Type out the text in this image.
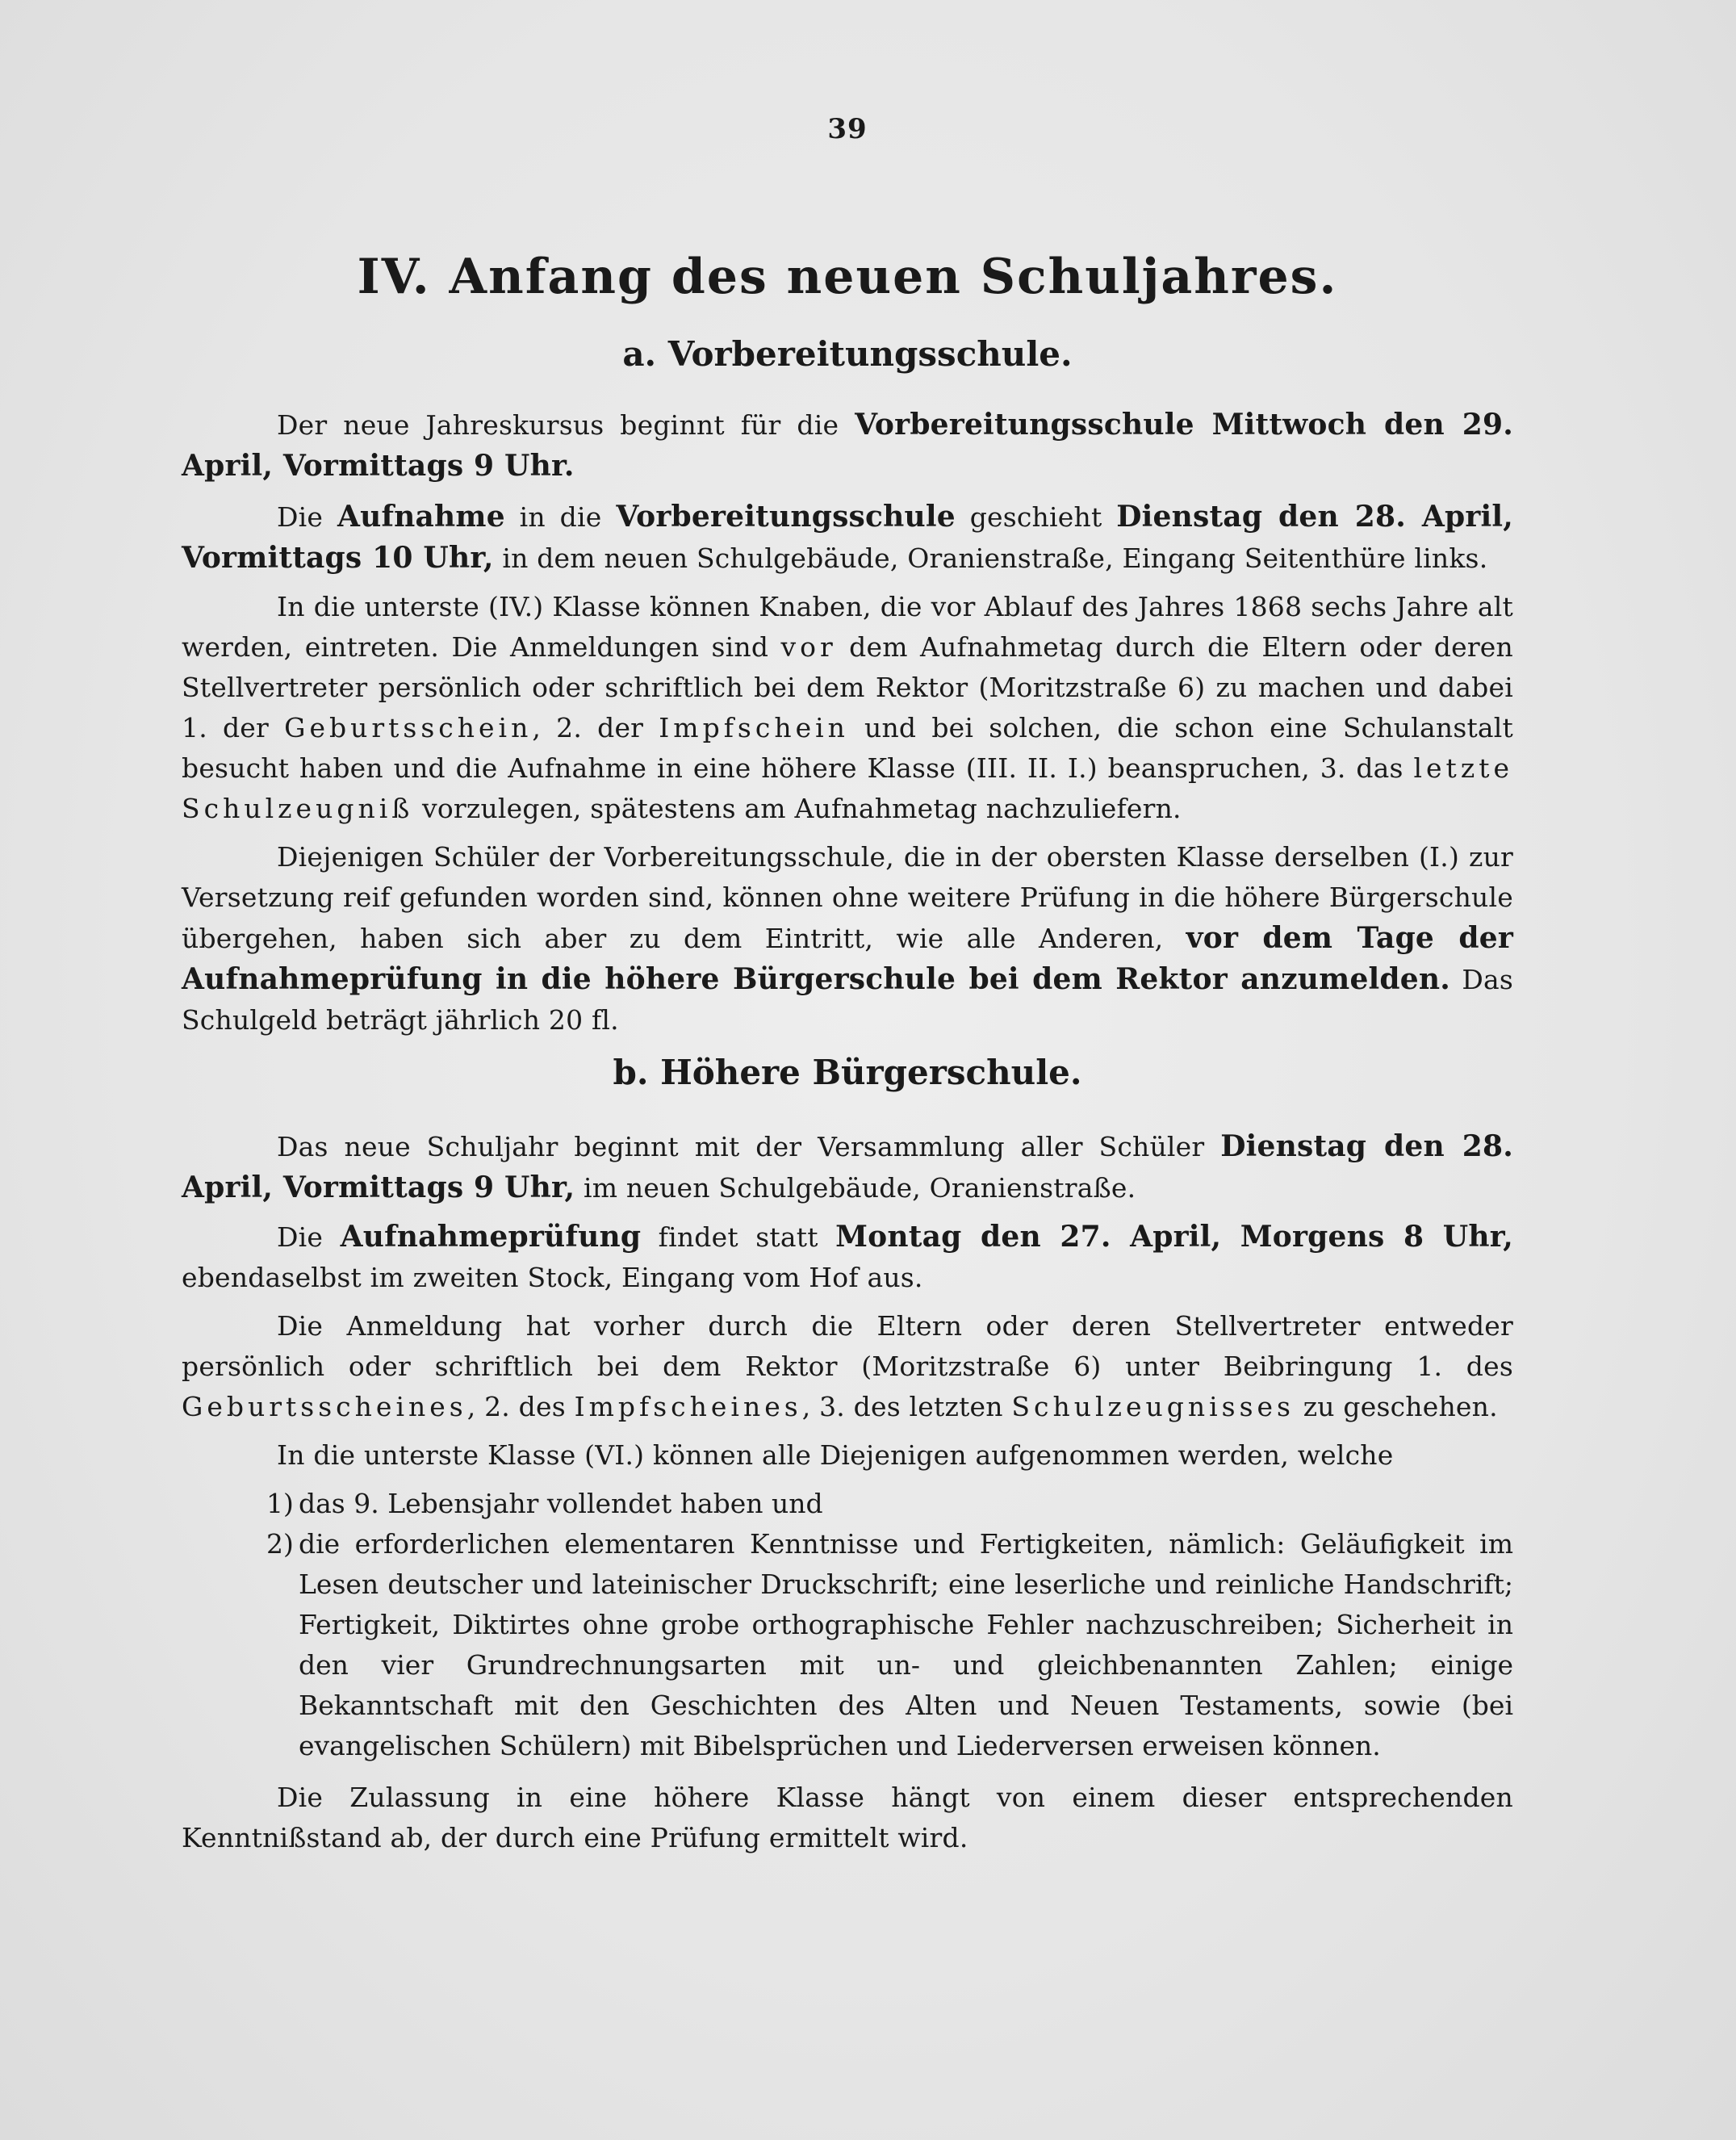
39
IV. Anfang des neuen Schuljahres.
a. Vorbereitungsschule.

Der neue Jahreskursus beginnt für die Vorbereitungsschule Mittwoch den 29. April, Vormittags 9 Uhr.

Die Aufnahme in die Vorbereitungsschule geschieht Dienstag den 28. April, Vormittags 10 Uhr, in dem neuen Schulgebäude, Oranienstraße, Eingang Seitenthüre links.

In die unterste (IV.) Klasse können Knaben, die vor Ablauf des Jahres 1868 sechs Jahre alt werden, eintreten. Die Anmeldungen sind vor dem Aufnahmetag durch die Eltern oder deren Stellvertreter persönlich oder schriftlich bei dem Rektor (Moritzstraße 6) zu machen und dabei 1. der Geburtsschein, 2. der Impfschein und bei solchen, die schon eine Schulanstalt besucht haben und die Aufnahme in eine höhere Klasse (III. II. I.) beanspruchen, 3. das letzte Schulzeugniß vorzulegen, spätestens am Aufnahmetag nachzuliefern.

Diejenigen Schüler der Vorbereitungsschule, die in der obersten Klasse derselben (I.) zur Versetzung reif gefunden worden sind, können ohne weitere Prüfung in die höhere Bürgerschule übergehen, haben sich aber zu dem Eintritt, wie alle Anderen, vor dem Tage der Aufnahmeprüfung in die höhere Bürgerschule bei dem Rektor anzumelden. Das Schulgeld beträgt jährlich 20 fl.

b. Höhere Bürgerschule.

Das neue Schuljahr beginnt mit der Versammlung aller Schüler Dienstag den 28. April, Vormittags 9 Uhr, im neuen Schulgebäude, Oranienstraße.

Die Aufnahmeprüfung findet statt Montag den 27. April, Morgens 8 Uhr, ebendaselbst im zweiten Stock, Eingang vom Hof aus.

Die Anmeldung hat vorher durch die Eltern oder deren Stellvertreter entweder persönlich oder schriftlich bei dem Rektor (Moritzstraße 6) unter Beibringung 1. des Geburtsscheines, 2. des Impfscheines, 3. des letzten Schulzeugnisses zu geschehen.

In die unterste Klasse (VI.) können alle Diejenigen aufgenommen werden, welche

1) das 9. Lebensjahr vollendet haben und
2) die erforderlichen elementaren Kenntnisse und Fertigkeiten, nämlich: Geläufigkeit im Lesen deutscher und lateinischer Druckschrift; eine leserliche und reinliche Handschrift; Fertigkeit, Diktirtes ohne grobe orthographische Fehler nachzuschreiben; Sicherheit in den vier Grundrechnungsarten mit un- und gleichbenannten Zahlen; einige Bekanntschaft mit den Geschichten des Alten und Neuen Testaments, sowie (bei evangelischen Schülern) mit Bibelsprüchen und Liederversen erweisen können.

Die Zulassung in eine höhere Klasse hängt von einem dieser entsprechenden Kenntnißstand ab, der durch eine Prüfung ermittelt wird.
